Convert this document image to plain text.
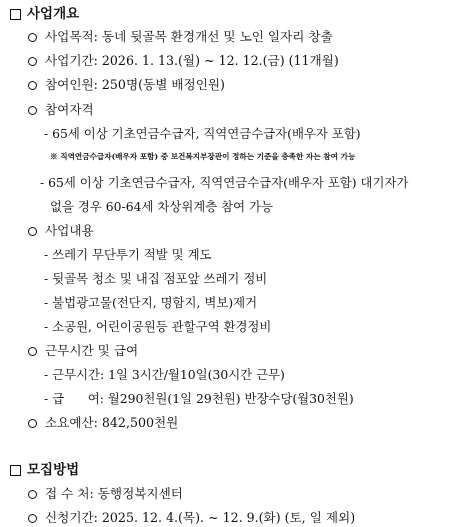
사업개요
사업목적: 동네 뒷골목 환경개선 및 노인 일자리 창출
사업기간: 2026. 1. 13.(월) ~ 12. 12.(금) (11개월)
참여인원: 250명(동별 배정인원)
참여자격
- 65세 이상 기초연금수급자, 직역연금수급자(배우자 포함)
※ 직역연금수급자(배우자 포함) 중 보건복지부장관이 정하는 기준을 충족한 자는 참여 가능
- 65세 이상 기초연금수급자, 직역연금수급자(배우자 포함) 대기자가
없을 경우 60-64세 차상위계층 참여 가능
사업내용
- 쓰레기 무단투기 적발 및 계도
- 뒷골목 청소 및 내집 점포앞 쓰레기 정비
- 불법광고물(전단지, 명함지, 벽보)제거
- 소공원, 어린이공원등 관할구역 환경정비
근무시간 및 급여
- 근무시간: 1일 3시간/월10일(30시간 근무)
- 급      여: 월290천원(1일 29천원) 반장수당(월30천원)
소요예산: 842,500천원
모집방법
접 수 처: 동행정복지센터
신청기간: 2025. 12. 4.(목). ~ 12. 9.(화) (토, 일 제외)
